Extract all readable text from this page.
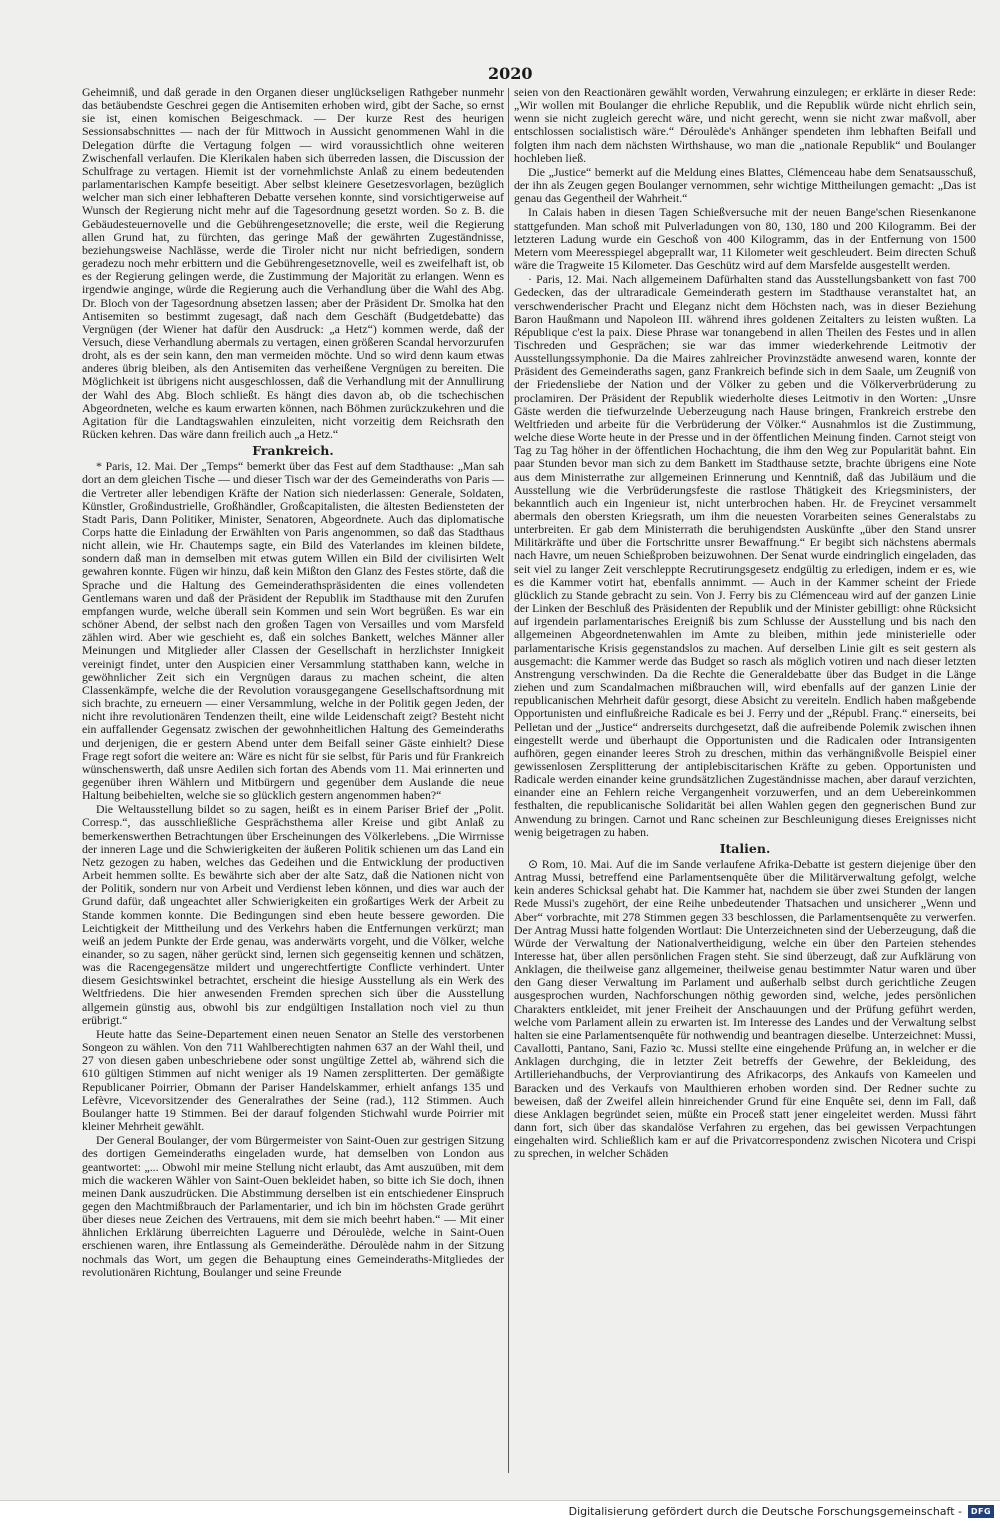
2020

Geheimniß, und daß gerade in den Organen dieser unglückseligen Rathgeber nunmehr das betäubendste Geschrei gegen die Antisemiten erhoben wird, gibt der Sache, so ernst sie ist, einen komischen Beigeschmack. — Der kurze Rest des heurigen Sessionsabschnittes — nach der für Mittwoch in Aussicht genommenen Wahl in die Delegation dürfte die Vertagung folgen — wird voraussichtlich ohne weiteren Zwischenfall verlaufen. Die Klerikalen haben sich überreden lassen, die Discussion der Schulfrage zu vertagen. Hiemit ist der vornehmlichste Anlaß zu einem bedeutenden parlamentarischen Kampfe beseitigt. Aber selbst kleinere Gesetzesvorlagen, bezüglich welcher man sich einer lebhafteren Debatte versehen konnte, sind vorsichtigerweise auf Wunsch der Regierung nicht mehr auf die Tagesordnung gesetzt worden. So z. B. die Gebäudesteuernovelle und die Gebührengesetznovelle; die erste, weil die Regierung allen Grund hat, zu fürchten, das geringe Maß der gewährten Zugeständnisse, beziehungsweise Nachlässe, werde die Tiroler nicht nur nicht befriedigen, sondern geradezu noch mehr erbittern und die Gebührengesetznovelle, weil es zweifelhaft ist, ob es der Regierung gelingen werde, die Zustimmung der Majorität zu erlangen. Wenn es irgendwie anginge, würde die Regierung auch die Verhandlung über die Wahl des Abg. Dr. Bloch von der Tagesordnung absetzen lassen; aber der Präsident Dr. Smolka hat den Antisemiten so bestimmt zugesagt, daß nach dem Geschäft (Budgetdebatte) das Vergnügen (der Wiener hat dafür den Ausdruck: „a Hetz“) kommen werde, daß der Versuch, diese Verhandlung abermals zu vertagen, einen größeren Scandal hervorzurufen droht, als es der sein kann, den man vermeiden möchte. Und so wird denn kaum etwas anderes übrig bleiben, als den Antisemiten das verheißene Vergnügen zu bereiten. Die Möglichkeit ist übrigens nicht ausgeschlossen, daß die Verhandlung mit der Annullirung der Wahl des Abg. Bloch schließt. Es hängt dies davon ab, ob die tschechischen Abgeordneten, welche es kaum erwarten können, nach Böhmen zurückzukehren und die Agitation für die Landtagswahlen einzuleiten, nicht vorzeitig dem Reichsrath den Rücken kehren. Das wäre dann freilich auch „a Hetz.“

Frankreich.

* Paris, 12. Mai. Der „Temps“ bemerkt über das Fest auf dem Stadthause: „Man sah dort an dem gleichen Tische — und dieser Tisch war der des Gemeinderaths von Paris — die Vertreter aller lebendigen Kräfte der Nation sich niederlassen: Generale, Soldaten, Künstler, Großindustrielle, Großhändler, Großcapitalisten, die ältesten Bediensteten der Stadt Paris, Dann Politiker, Minister, Senatoren, Abgeordnete. Auch das diplomatische Corps hatte die Einladung der Erwählten von Paris angenommen, so daß das Stadthaus nicht allein, wie Hr. Chautemps sagte, ein Bild des Vaterlandes im kleinen bildete, sondern daß man in demselben mit etwas gutem Willen ein Bild der civilisirten Welt gewahren konnte. Fügen wir hinzu, daß kein Mißton den Glanz des Festes störte, daß die Sprache und die Haltung des Gemeinderathspräsidenten die eines vollendeten Gentlemans waren und daß der Präsident der Republik im Stadthause mit den Zurufen empfangen wurde, welche überall sein Kommen und sein Wort begrüßen. Es war ein schöner Abend, der selbst nach den großen Tagen von Versailles und vom Marsfeld zählen wird. Aber wie geschieht es, daß ein solches Bankett, welches Männer aller Meinungen und Mitglieder aller Classen der Gesellschaft in herzlichster Innigkeit vereinigt findet, unter den Auspicien einer Versammlung statthaben kann, welche in gewöhnlicher Zeit sich ein Vergnügen daraus zu machen scheint, die alten Classenkämpfe, welche die der Revolution vorausgegangene Gesellschaftsordnung mit sich brachte, zu erneuern — einer Versammlung, welche in der Politik gegen Jeden, der nicht ihre revolutionären Tendenzen theilt, eine wilde Leidenschaft zeigt? Besteht nicht ein auffallender Gegensatz zwischen der gewohnheitlichen Haltung des Gemeinderaths und derjenigen, die er gestern Abend unter dem Beifall seiner Gäste einhielt? Diese Frage regt sofort die weitere an: Wäre es nicht für sie selbst, für Paris und für Frankreich wünschenswerth, daß unsre Aedilen sich fortan des Abends vom 11. Mai erinnerten und gegenüber ihren Wählern und Mitbürgern und gegenüber dem Auslande die neue Haltung beibehielten, welche sie so glücklich gestern angenommen haben?“

Die Weltausstellung bildet so zu sagen, heißt es in einem Pariser Brief der „Polit. Corresp.“, das ausschließliche Gesprächsthema aller Kreise und gibt Anlaß zu bemerkenswerthen Betrachtungen über Erscheinungen des Völkerlebens. „Die Wirrnisse der inneren Lage und die Schwierigkeiten der äußeren Politik schienen um das Land ein Netz gezogen zu haben, welches das Gedeihen und die Entwicklung der productiven Arbeit hemmen sollte. Es bewährte sich aber der alte Satz, daß die Nationen nicht von der Politik, sondern nur von Arbeit und Verdienst leben können, und dies war auch der Grund dafür, daß ungeachtet aller Schwierigkeiten ein großartiges Werk der Arbeit zu Stande kommen konnte. Die Bedingungen sind eben heute bessere geworden. Die Leichtigkeit der Mittheilung und des Verkehrs haben die Entfernungen verkürzt; man weiß an jedem Punkte der Erde genau, was anderwärts vorgeht, und die Völker, welche einander, so zu sagen, näher gerückt sind, lernen sich gegenseitig kennen und schätzen, was die Racengegensätze mildert und ungerechtfertigte Conflicte verhindert. Unter diesem Gesichtswinkel betrachtet, erscheint die hiesige Ausstellung als ein Werk des Weltfriedens. Die hier anwesenden Fremden sprechen sich über die Ausstellung allgemein günstig aus, obwohl bis zur endgültigen Installation noch viel zu thun erübrigt.“

Heute hatte das Seine-Departement einen neuen Senator an Stelle des verstorbenen Songeon zu wählen. Von den 711 Wahlberechtigten nahmen 637 an der Wahl theil, und 27 von diesen gaben unbeschriebene oder sonst ungültige Zettel ab, während sich die 610 gültigen Stimmen auf nicht weniger als 19 Namen zersplitterten. Der gemäßigte Republicaner Poirrier, Obmann der Pariser Handelskammer, erhielt anfangs 135 und Lefèvre, Vicevorsitzender des Generalrathes der Seine (rad.), 112 Stimmen. Auch Boulanger hatte 19 Stimmen. Bei der darauf folgenden Stichwahl wurde Poirrier mit kleiner Mehrheit gewählt.

Der General Boulanger, der vom Bürgermeister von Saint-Ouen zur gestrigen Sitzung des dortigen Gemeinderaths eingeladen wurde, hat demselben von London aus geantwortet: „... Obwohl mir meine Stellung nicht erlaubt, das Amt auszuüben, mit dem mich die wackeren Wähler von Saint-Ouen bekleidet haben, so bitte ich Sie doch, ihnen meinen Dank auszudrücken. Die Abstimmung derselben ist ein entschiedener Einspruch gegen den Machtmißbrauch der Parlamentarier, und ich bin im höchsten Grade gerührt über dieses neue Zeichen des Vertrauens, mit dem sie mich beehrt haben.“ — Mit einer ähnlichen Erklärung überreichten Laguerre und Déroulède, welche in Saint-Ouen erschienen waren, ihre Entlassung als Gemeinderäthe. Déroulède nahm in der Sitzung nochmals das Wort, um gegen die Behauptung eines Gemeinderaths-Mitgliedes der revolutionären Richtung, Boulanger und seine Freunde

seien von den Reactionären gewählt worden, Verwahrung einzulegen; er erklärte in dieser Rede: „Wir wollen mit Boulanger die ehrliche Republik, und die Republik würde nicht ehrlich sein, wenn sie nicht zugleich gerecht wäre, und nicht gerecht, wenn sie nicht zwar maßvoll, aber entschlossen socialistisch wäre.“ Déroulède's Anhänger spendeten ihm lebhaften Beifall und folgten ihm nach dem nächsten Wirthshause, wo man die „nationale Republik“ und Boulanger hochleben ließ.

Die „Justice“ bemerkt auf die Meldung eines Blattes, Clémenceau habe dem Senatsausschuß, der ihn als Zeugen gegen Boulanger vernommen, sehr wichtige Mittheilungen gemacht: „Das ist genau das Gegentheil der Wahrheit.“

In Calais haben in diesen Tagen Schießversuche mit der neuen Bange'schen Riesenkanone stattgefunden. Man schoß mit Pulverladungen von 80, 130, 180 und 200 Kilogramm. Bei der letzteren Ladung wurde ein Geschoß von 400 Kilogramm, das in der Entfernung von 1500 Metern vom Meeresspiegel abgeprallt war, 11 Kilometer weit geschleudert. Beim directen Schuß wäre die Tragweite 15 Kilometer. Das Geschütz wird auf dem Marsfelde ausgestellt werden.

· Paris, 12. Mai. Nach allgemeinem Dafürhalten stand das Ausstellungsbankett von fast 700 Gedecken, das der ultraradicale Gemeinderath gestern im Stadthause veranstaltet hat, an verschwenderischer Pracht und Eleganz nicht dem Höchsten nach, was in dieser Beziehung Baron Haußmann und Napoleon III. während ihres goldenen Zeitalters zu leisten wußten. La République c'est la paix. Diese Phrase war tonangebend in allen Theilen des Festes und in allen Tischreden und Gesprächen; sie war das immer wiederkehrende Leitmotiv der Ausstellungssymphonie. Da die Maires zahlreicher Provinzstädte anwesend waren, konnte der Präsident des Gemeinderaths sagen, ganz Frankreich befinde sich in dem Saale, um Zeugniß von der Friedensliebe der Nation und der Völker zu geben und die Völkerverbrüderung zu proclamiren. Der Präsident der Republik wiederholte dieses Leitmotiv in den Worten: „Unsre Gäste werden die tiefwurzelnde Ueberzeugung nach Hause bringen, Frankreich erstrebe den Weltfrieden und arbeite für die Verbrüderung der Völker.“ Ausnahmlos ist die Zustimmung, welche diese Worte heute in der Presse und in der öffentlichen Meinung finden. Carnot steigt von Tag zu Tag höher in der öffentlichen Hochachtung, die ihm den Weg zur Popularität bahnt. Ein paar Stunden bevor man sich zu dem Bankett im Stadthause setzte, brachte übrigens eine Note aus dem Ministerrathe zur allgemeinen Erinnerung und Kenntniß, daß das Jubiläum und die Ausstellung wie die Verbrüderungsfeste die rastlose Thätigkeit des Kriegsministers, der bekanntlich auch ein Ingenieur ist, nicht unterbrochen haben. Hr. de Freycinet versammelt abermals den obersten Kriegsrath, um ihm die neuesten Vorarbeiten seines Generalstabs zu unterbreiten. Er gab dem Ministerrath die beruhigendsten Auskünfte „über den Stand unsrer Militärkräfte und über die Fortschritte unsrer Bewaffnung.“ Er begibt sich nächstens abermals nach Havre, um neuen Schießproben beizuwohnen. Der Senat wurde eindringlich eingeladen, das seit viel zu langer Zeit verschleppte Recrutirungsgesetz endgültig zu erledigen, indem er es, wie es die Kammer votirt hat, ebenfalls annimmt. — Auch in der Kammer scheint der Friede glücklich zu Stande gebracht zu sein. Von J. Ferry bis zu Clémenceau wird auf der ganzen Linie der Linken der Beschluß des Präsidenten der Republik und der Minister gebilligt: ohne Rücksicht auf irgendein parlamentarisches Ereigniß bis zum Schlusse der Ausstellung und bis nach den allgemeinen Abgeordnetenwahlen im Amte zu bleiben, mithin jede ministerielle oder parlamentarische Krisis gegenstandslos zu machen. Auf derselben Linie gilt es seit gestern als ausgemacht: die Kammer werde das Budget so rasch als möglich votiren und nach dieser letzten Anstrengung verschwinden. Da die Rechte die Generaldebatte über das Budget in die Länge ziehen und zum Scandalmachen mißbrauchen will, wird ebenfalls auf der ganzen Linie der republicanischen Mehrheit dafür gesorgt, diese Absicht zu vereiteln. Endlich haben maßgebende Opportunisten und einflußreiche Radicale es bei J. Ferry und der „Républ. Franç.“ einerseits, bei Pelletan und der „Justice“ andrerseits durchgesetzt, daß die aufreibende Polemik zwischen ihnen eingestellt werde und überhaupt die Opportunisten und die Radicalen oder Intransigenten aufhören, gegen einander leeres Stroh zu dreschen, mithin das verhängnißvolle Beispiel einer gewissenlosen Zersplitterung der antiplebiscitarischen Kräfte zu geben. Opportunisten und Radicale werden einander keine grundsätzlichen Zugeständnisse machen, aber darauf verzichten, einander eine an Fehlern reiche Vergangenheit vorzuwerfen, und an dem Uebereinkommen festhalten, die republicanische Solidarität bei allen Wahlen gegen den gegnerischen Bund zur Anwendung zu bringen. Carnot und Ranc scheinen zur Beschleunigung dieses Ereignisses nicht wenig beigetragen zu haben.

Italien.

⊙ Rom, 10. Mai. Auf die im Sande verlaufene Afrika-Debatte ist gestern diejenige über den Antrag Mussi, betreffend eine Parlamentsenquête über die Militärverwaltung gefolgt, welche kein anderes Schicksal gehabt hat. Die Kammer hat, nachdem sie über zwei Stunden der langen Rede Mussi's zugehört, der eine Reihe unbedeutender Thatsachen und unsicherer „Wenn und Aber“ vorbrachte, mit 278 Stimmen gegen 33 beschlossen, die Parlamentsenquête zu verwerfen. Der Antrag Mussi hatte folgenden Wortlaut: Die Unterzeichneten sind der Ueberzeugung, daß die Würde der Verwaltung der Nationalvertheidigung, welche ein über den Parteien stehendes Interesse hat, über allen persönlichen Fragen steht. Sie sind überzeugt, daß zur Aufklärung von Anklagen, die theilweise ganz allgemeiner, theilweise genau bestimmter Natur waren und über den Gang dieser Verwaltung im Parlament und außerhalb selbst durch gerichtliche Zeugen ausgesprochen wurden, Nachforschungen nöthig geworden sind, welche, jedes persönlichen Charakters entkleidet, mit jener Freiheit der Anschauungen und der Prüfung geführt werden, welche vom Parlament allein zu erwarten ist. Im Interesse des Landes und der Verwaltung selbst halten sie eine Parlamentsenquête für nothwendig und beantragen dieselbe. Unterzeichnet: Mussi, Cavallotti, Pantano, Sani, Fazio ꝛc. Mussi stellte eine eingehende Prüfung an, in welcher er die Anklagen durchging, die in letzter Zeit betreffs der Gewehre, der Bekleidung, des Artilleriehandbuchs, der Verproviantirung des Afrikacorps, des Ankaufs von Kameelen und Baracken und des Verkaufs von Maulthieren erhoben worden sind. Der Redner suchte zu beweisen, daß der Zweifel allein hinreichender Grund für eine Enquête sei, denn im Fall, daß diese Anklagen begründet seien, müßte ein Proceß statt jener eingeleitet werden. Mussi fährt dann fort, sich über das skandalöse Verfahren zu ergehen, das bei gewissen Verpachtungen eingehalten wird. Schließlich kam er auf die Privatcorrespondenz zwischen Nicotera und Crispi zu sprechen, in welcher Schäden

Digitalisierung gefördert durch die Deutsche Forschungsgemeinschaft -	DFG
